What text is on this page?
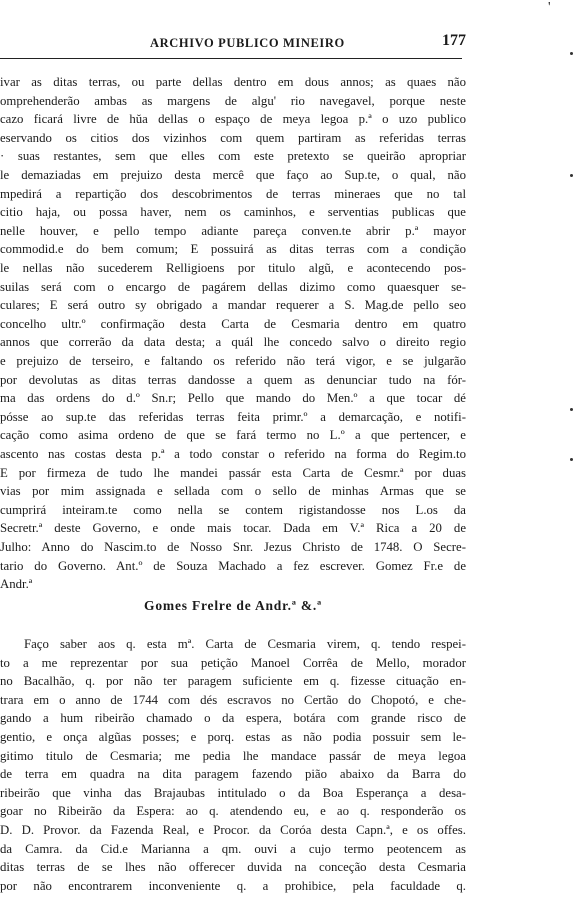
ARCHIVO PUBLICO MINEIRO	177
'
ivar as ditas terras, ou parte dellas dentro em dous annos; as quaes não
omprehenderão ambas as margens de algu' rio navegavel, porque neste
cazo ficará livre de hŭa dellas o espaço de meya legoa p.ª o uzo publico
eservando os citios dos vizinhos com quem partiram as referidas terras
· suas restantes, sem que elles com este pretexto se queirão apropriar
le demaziadas em prejuizo desta mercê que faço ao Sup.te, o qual, não
mpedirá a repartição dos descobrimentos de terras mineraes que no tal
citio haja, ou possa haver, nem os caminhos, e serventias publicas que
nelle houver, e pello tempo adiante pareça conven.te abrir p.ª mayor
commodid.e do bem comum; E possuirá as ditas terras com a condição
le nellas não sucederem Relligioens por titulo algũ, e acontecendo pos-
suilas será com o encargo de pagárem dellas dizimo como quaesquer se-
culares; E será outro sy obrigado a mandar requerer a S. Mag.de pello seo
concelho ultr.º confirmação desta Carta de Cesmaria dentro em quatro
annos que correrão da data desta; a quál lhe concedo salvo o direito regio
e prejuizo de terseiro, e faltando os referido não terá vigor, e se julgarão
por devolutas as ditas terras dandosse a quem as denunciar tudo na fór-
ma das ordens do d.º Sn.r; Pello que mando do Men.º a que tocar dé
pósse ao sup.te das referidas terras feita primr.º a demarcação, e notifi-
cação como asima ordeno de que se fará termo no L.º a que pertencer, e
ascento nas costas desta p.ª a todo constar o referido na forma do Regim.to
E por firmeza de tudo lhe mandei passár esta Carta de Cesmr.ª por duas
vias por mim assignada e sellada com o sello de minhas Armas que se
cumprirá inteiram.te como nella se contem rigistandosse nos L.os da
Secretr.ª deste Governo, e onde mais tocar. Dada em V.ª Rica a 20 de
Julho: Anno do Nascim.to de Nosso Snr. Jezus Christo de 1748. O Secre-
tario do Governo. Ant.º de Souza Machado a fez escrever. Gomez Fr.e de
Andr.ª
Gomes Frelre de Andr.ª &.ª
Faço saber aos q. esta mª. Carta de Cesmaria virem, q. tendo respei-
to a me reprezentar por sua petição Manoel Corrêa de Mello, morador
no Bacalhão, q. por não ter paragem suficiente em q. fizesse cituação en-
trara em o anno de 1744 com dés escravos no Certão do Chopotó, e che-
gando a hum ribeirão chamado o da espera, botára com grande risco de
gentio, e onça algũas posses; e porq. estas as não podia possuir sem le-
gitimo titulo de Cesmaria; me pedia lhe mandace passár de meya legoa
de terra em quadra na dita paragem fazendo pião abaixo da Barra do
ribeirão que vinha das Brajaubas intitulado o da Boa Esperança a desa-
goar no Ribeirão da Espera: ao q. atendendo eu, e ao q. responderão os
D. D. Provor. da Fazenda Real, e Procor. da Coróa desta Capn.ª, e os offes.
da Camra. da Cid.e Marianna a qm. ouvi a cujo termo peotencem as
ditas terras de se lhes não offerecer duvida na conceção desta Cesmaria
por não encontrarem inconveniente q. a prohibice, pela faculdade q.
